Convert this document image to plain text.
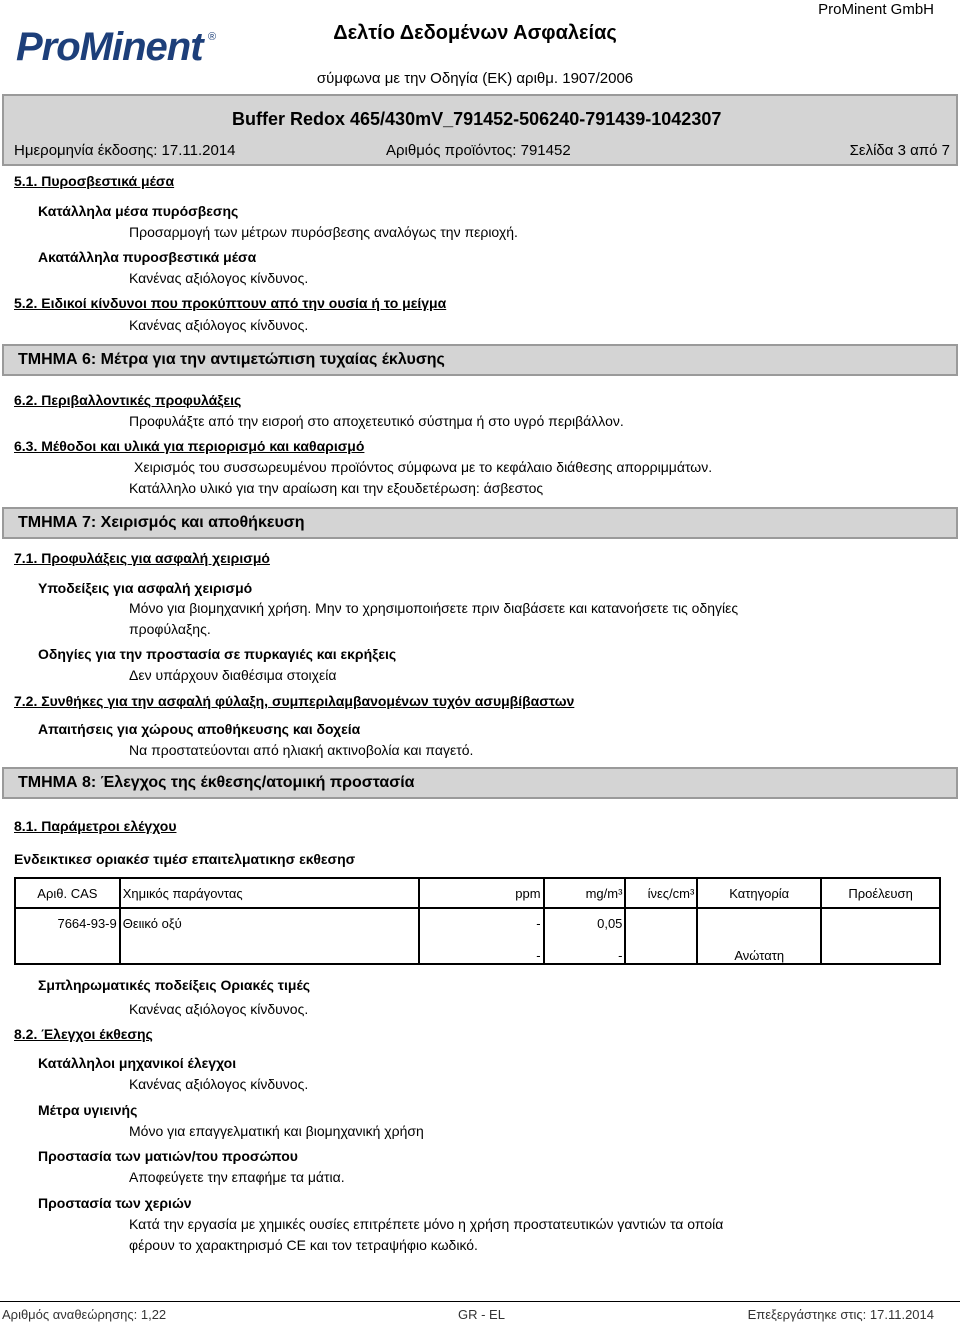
ProMinent ®
ProMinent GmbH
Δελτίο Δεδομένων Ασφαλείας
σύμφωνα με την Οδηγία (ΕΚ) αριθμ. 1907/2006
Buffer Redox 465/430mV_791452-506240-791439-1042307
Ημερομηνία έκδοσης: 17.11.2014	Αριθμός προϊόντος: 791452	Σελίδα 3 από 7
5.1. Πυροσβεστικά μέσα
Κατάλληλα μέσα πυρόσβεσης
Προσαρμογή των μέτρων πυρόσβεσης αναλόγως την περιοχή.
Ακατάλληλα πυροσβεστικά μέσα
Κανένας αξιόλογος κίνδυνος.
5.2. Ειδικοί κίνδυνοι που προκύπτουν από την ουσία ή το μείγμα
Κανένας αξιόλογος κίνδυνος.
ΤΜΗΜΑ 6: Μέτρα για την αντιμετώπιση τυχαίας έκλυσης
6.2. Περιβαλλοντικές προφυλάξεις
Προφυλάξτε από την εισροή στο αποχετευτικό σύστημα ή στο υγρό περιβάλλον.
6.3. Μέθοδοι και υλικά για περιορισμό και καθαρισμό
Χειρισμός του συσσωρευμένου προϊόντος σύμφωνα με το κεφάλαιο διάθεσης απορριμμάτων.
Κατάλληλο υλικό για την αραίωση και την εξουδετέρωση: άσβεστος
ΤΜΗΜΑ 7: Χειρισμός και αποθήκευση
7.1. Προφυλάξεις για ασφαλή χειρισμό
Υποδείξεις για ασφαλή χειρισμό
Μόνο για βιομηχανική χρήση. Μην το χρησιμοποιήσετε πριν διαβάσετε και κατανοήσετε τις οδηγίες
προφύλαξης.
Οδηγίες για την προστασία σε πυρκαγιές και εκρήξεις
Δεν υπάρχουν διαθέσιμα στοιχεία
7.2. Συνθήκες για την ασφαλή φύλαξη, συμπεριλαμβανομένων τυχόν ασυμβίβαστων
Απαιτήσεις για χώρους αποθήκευσης και δοχεία
Να προστατεύονται από ηλιακή ακτινοβολία και παγετό.
ΤΜΗΜΑ 8: Έλεγχος της έκθεσης/ατομική προστασία
8.1. Παράμετροι ελέγχου
Ενδεικτικεσ οριακέσ τιμέσ επαιτελματικησ εκθεσησ
Αριθ. CAS	Χημικός παράγοντας	ppm	mg/m³	ίνες/cm³	Κατηγορία	Προέλευση
7664-93-9	Θειικό οξύ	-	0,05			
		-	-		Ανώτατη	
Σμπληρωματικές ποδείξεις Οριακές τιμές
Κανένας αξιόλογος κίνδυνος.
8.2. Έλεγχοι έκθεσης
Κατάλληλοι μηχανικοί έλεγχοι
Κανένας αξιόλογος κίνδυνος.
Μέτρα υγιεινής
Μόνο για επαγγελματική και βιομηχανική χρήση
Προστασία των ματιών/του προσώπου
Αποφεύγετε την επαφήμε τα μάτια.
Προστασία των χεριών
Κατά την εργασία με χημικές ουσίες επιτρέπετε μόνο η χρήση προστατευτικών γαντιών τα οποία
φέρουν το χαρακτηρισμό CE και τον τετραψήφιο κωδικό.
Αριθμός αναθεώρησης: 1,22	GR - EL	Επεξεργάστηκε στις: 17.11.2014
